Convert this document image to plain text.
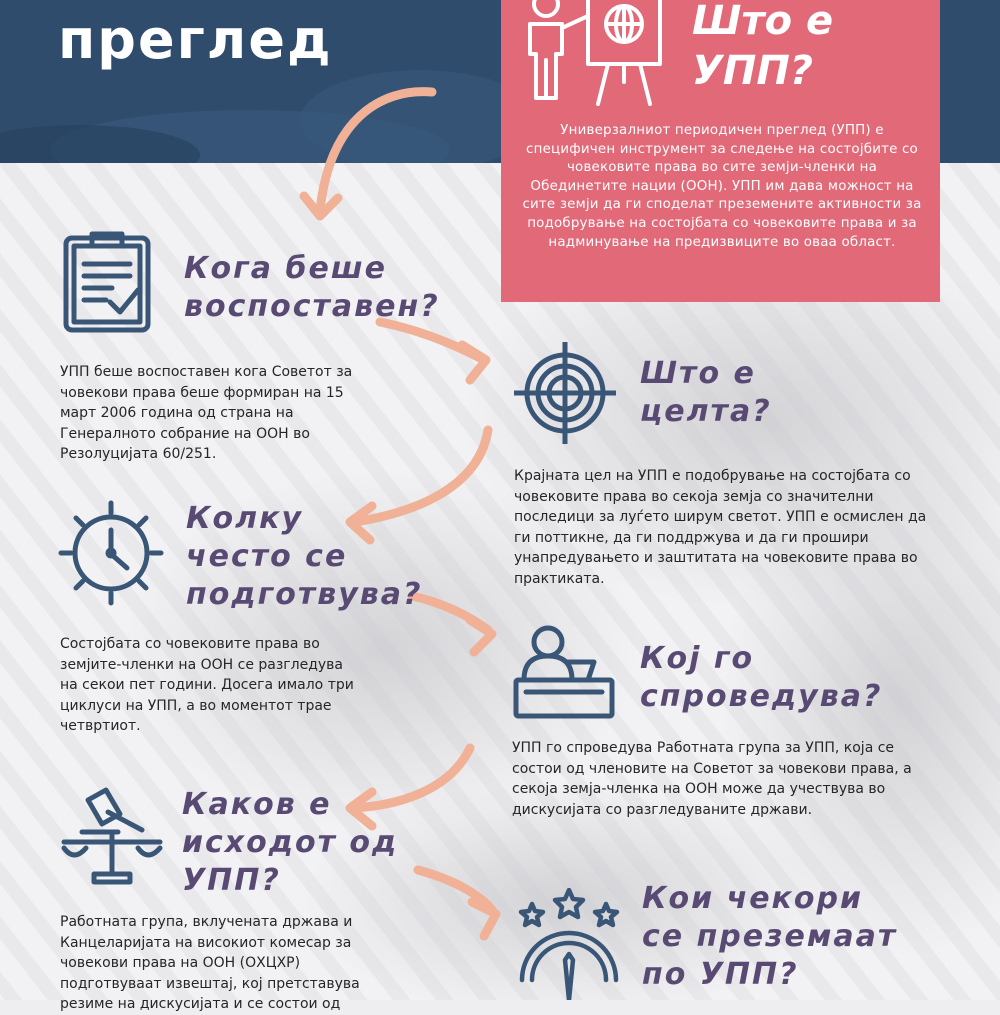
преглед	Што е
УПП?

Универзалниот периодичен преглед (УПП) е специфичен инструмент за следење на состојбите со човековите права во сите земји-членки на Обединетите нации (ООН). УПП им дава можност на сите земји да ги споделат преземените активности за подобрување на состојбата со човековите права и за надминување на предизвиците во оваа област.

Кога беше
воспоставен?

УПП беше воспоставен кога Советот за човекови права беше формиран на 15 март 2006 година од страна на Генералното собрание на ООН во Резолуцијата 60/251.

Што е
целта?

Крајната цел на УПП е подобрување на состојбата со човековите права во секоја земја со значителни последици за луѓето ширум светот. УПП е осмислен да ги поттикне, да ги поддржува и да ги прошири унапредувањето и заштитата на човековите права во практиката.

Колку
често се
подготвува?

Состојбата со човековите права во земјите-членки на ООН се разгледува на секои пет години. Досега имало три циклуси на УПП, а во моментот трае четвртиот.

Кој го
спроведува?

УПП го спроведува Работната група за УПП, која се состои од членовите на Советот за човекови права, а секоја земја-членка на ООН може да учествува во дискусијата со разгледуваните држави.

Каков е
исходот од
УПП?

Работната група, вклучената држава и Канцеларијата на високиот комесар за човекови права на ООН (ОХЦХР) подготвуваат извештај, кој претставува резиме на дискусијата и се состои од

Кои чекори
се преземаат
по УПП?
